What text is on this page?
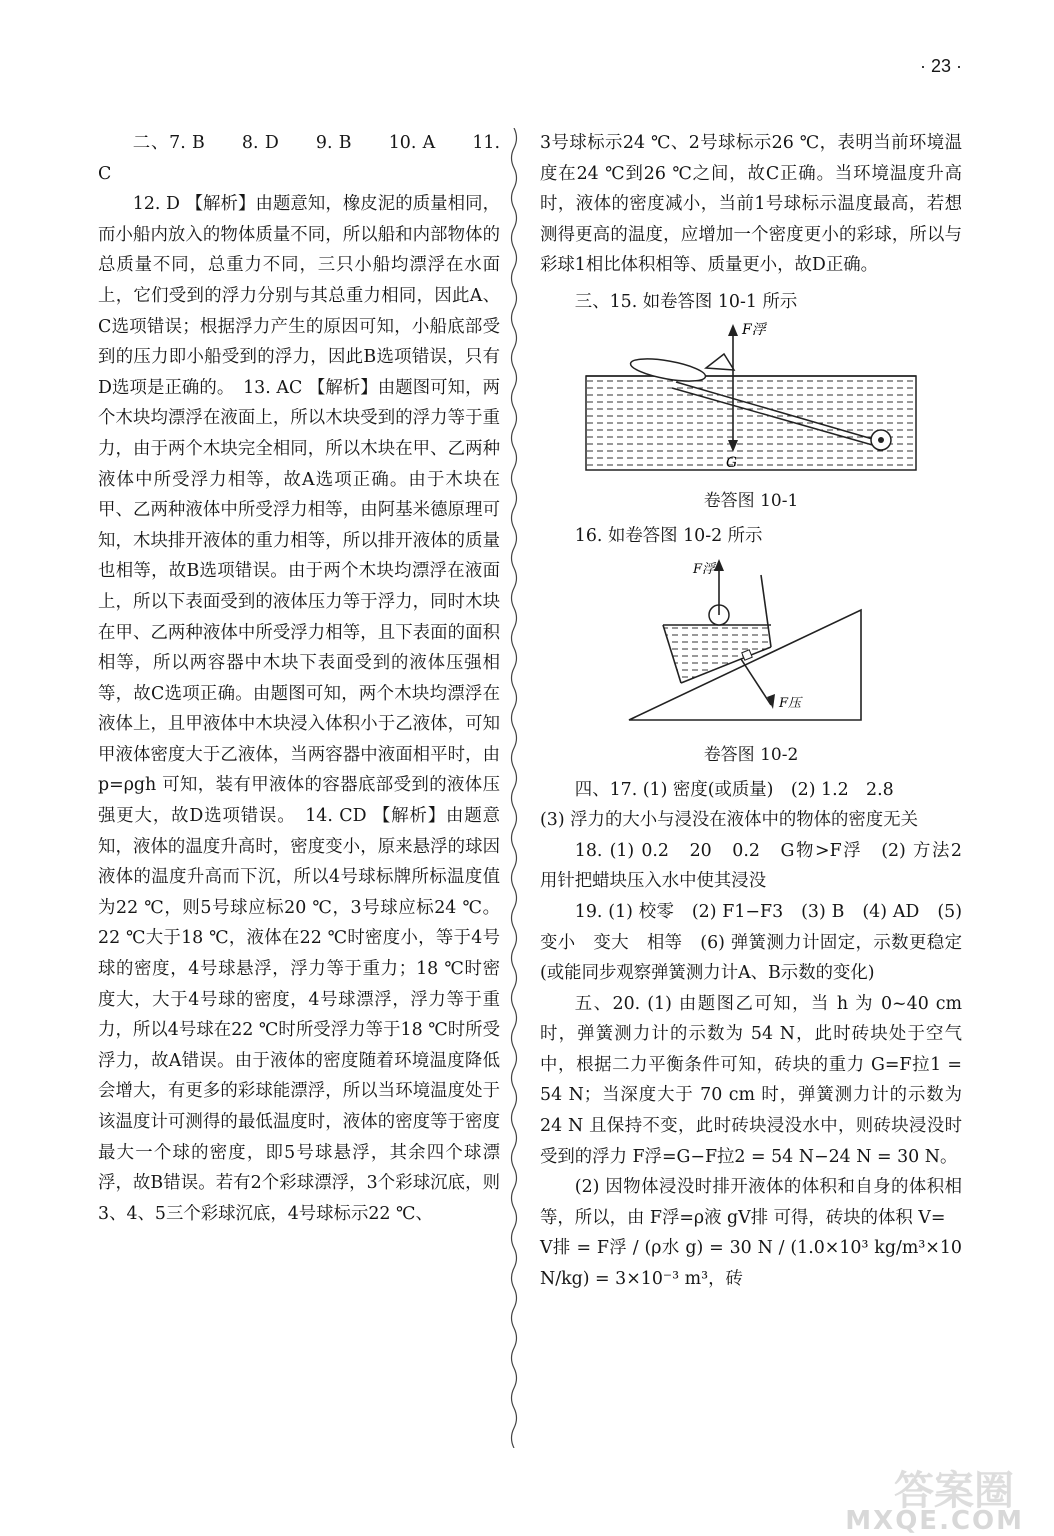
· 23 ·

二、7. B　　8. D　　9. B　　10. A　　11. C

12. D 【解析】由题意知，橡皮泥的质量相同，而小船内放入的物体质量不同，所以船和内部物体的总质量不同，总重力不同，三只小船均漂浮在水面上，它们受到的浮力分别与其总重力相同，因此A、C选项错误；根据浮力产生的原因可知，小船底部受到的压力即小船受到的浮力，因此B选项错误，只有D选项是正确的。　13. AC 【解析】由题图可知，两个木块均漂浮在液面上，所以木块受到的浮力等于重力，由于两个木块完全相同，所以木块在甲、乙两种液体中所受浮力相等，故A选项正确。由于木块在甲、乙两种液体中所受浮力相等，由阿基米德原理可知，木块排开液体的重力相等，所以排开液体的质量也相等，故B选项错误。由于两个木块均漂浮在液面上，所以下表面受到的液体压力等于浮力，同时木块在甲、乙两种液体中所受浮力相等，且下表面的面积相等，所以两容器中木块下表面受到的液体压强相等，故C选项正确。由题图可知，两个木块均漂浮在液体上，且甲液体中木块浸入体积小于乙液体，可知甲液体密度大于乙液体，当两容器中液面相平时，由 p=ρgh 可知，装有甲液体的容器底部受到的液体压强更大，故D选项错误。　14. CD 【解析】由题意知，液体的温度升高时，密度变小，原来悬浮的球因液体的温度升高而下沉，所以4号球标牌所标温度值为22 ℃，则5号球应标20 ℃，3号球应标24 ℃。22 ℃大于18 ℃，液体在22 ℃时密度小，等于4号球的密度，4号球悬浮，浮力等于重力；18 ℃时密度大，大于4号球的密度，4号球漂浮，浮力等于重力，所以4号球在22 ℃时所受浮力等于18 ℃时所受浮力，故A错误。由于液体的密度随着环境温度降低会增大，有更多的彩球能漂浮，所以当环境温度处于该温度计可测得的最低温度时，液体的密度等于密度最大一个球的密度，即5号球悬浮，其余四个球漂浮，故B错误。若有2个彩球漂浮，3个彩球沉底，则3、4、5三个彩球沉底，4号球标示22 ℃、

3号球标示24 ℃、2号球标示26 ℃，表明当前环境温度在24 ℃到26 ℃之间，故C正确。当环境温度升高时，液体的密度减小，当前1号球标示温度最高，若想测得更高的温度，应增加一个密度更小的彩球，所以与彩球1相比体积相等、质量更小，故D正确。

三、15. 如卷答图 10-1 所示

F浮
G
卷答图 10-1

16. 如卷答图 10-2 所示

F浮
F压
卷答图 10-2

四、17. (1) 密度(或质量)　(2) 1.2　2.8

(3) 浮力的大小与浸没在液体中的物体的密度无关

18. (1) 0.2　20　0.2　G物>F浮　(2) 方法2　用针把蜡块压入水中使其浸没

19. (1) 校零　(2) F1−F3　(3) B　(4) AD　(5) 变小　变大　相等　(6) 弹簧测力计固定，示数更稳定(或能同步观察弹簧测力计A、B示数的变化)

五、20. (1) 由题图乙可知，当 h 为 0~40 cm 时，弹簧测力计的示数为 54 N，此时砖块处于空气中，根据二力平衡条件可知，砖块的重力 G=F拉1 = 54 N；当深度大于 70 cm 时，弹簧测力计的示数为 24 N 且保持不变，此时砖块浸没水中，则砖块浸没时受到的浮力 F浮=G−F拉2 = 54 N−24 N = 30 N。

(2) 因物体浸没时排开液体的体积和自身的体积相等，所以，由 F浮=ρ液 gV排 可得，砖块的体积 V=

V排 = F浮 / (ρ水 g) = 30 N / (1.0×10³ kg/m³×10 N/kg) = 3×10⁻³ m³，砖

答案圈
MXQE.COM
